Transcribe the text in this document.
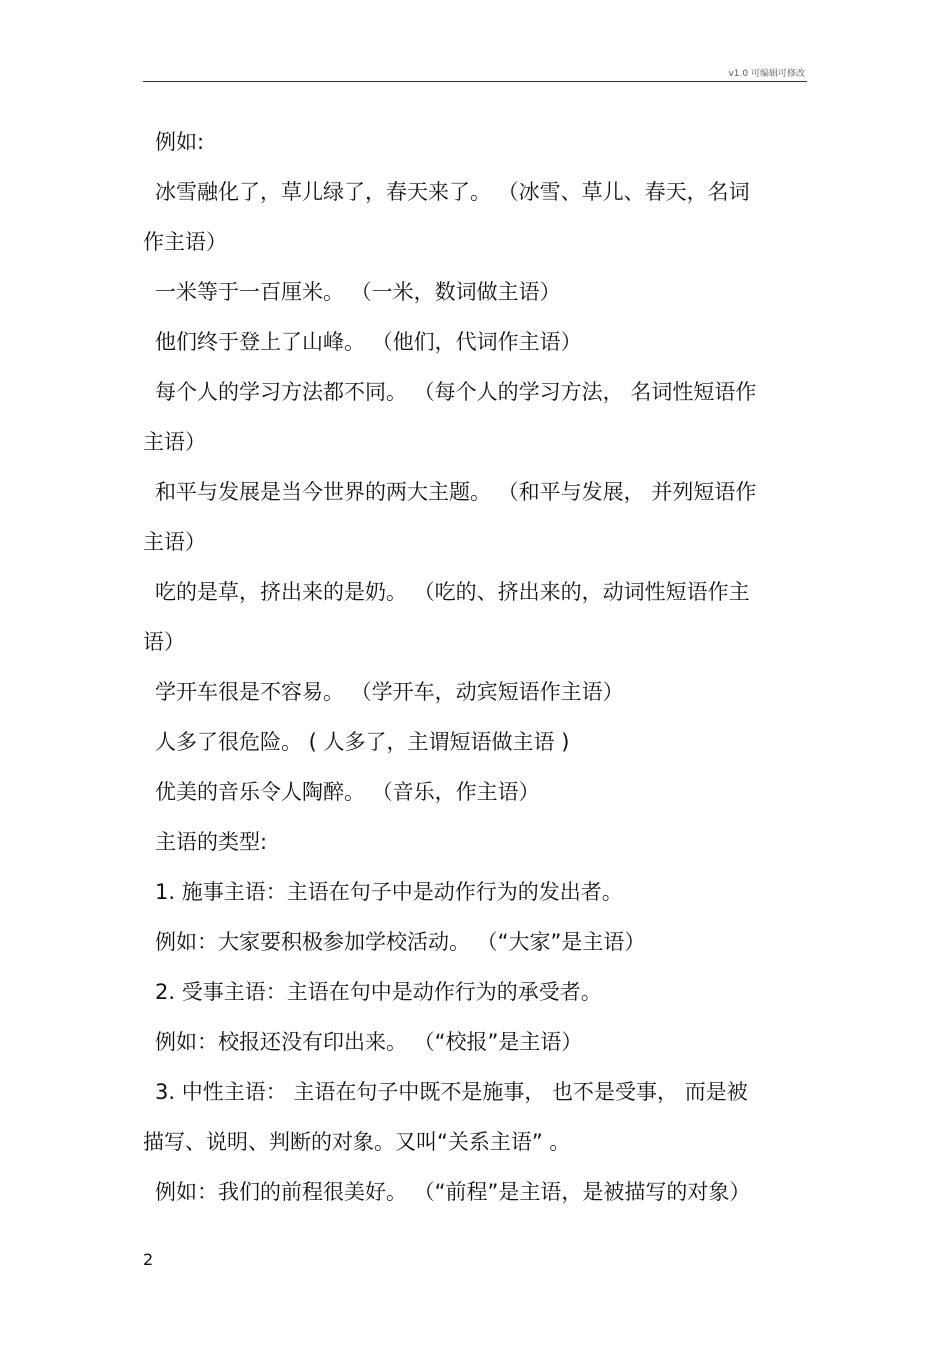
v1.0 可编辑可修改
例如:
冰雪融化了，草儿绿了，春天来了。 （冰雪、草儿、春天，名词
作主语）
一米等于一百厘米。 （一米，数词做主语）
他们终于登上了山峰。 （他们，代词作主语）
每个人的学习方法都不同。 （每个人的学习方法， 名词性短语作
主语）
和平与发展是当今世界的两大主题。 （和平与发展， 并列短语作
主语）
吃的是草，挤出来的是奶。 （吃的、挤出来的，动词性短语作主
语）
学开车很是不容易。 （学开车，动宾短语作主语）
人多了很危险。 ( 人多了，主谓短语做主语 )
优美的音乐令人陶醉。 （音乐，作主语）
主语的类型:
1. 施事主语：主语在句子中是动作行为的发出者。
例如：大家要积极参加学校活动。 （“大家”是主语）
2. 受事主语：主语在句中是动作行为的承受者。
例如：校报还没有印出来。 （“校报”是主语）
3. 中性主语： 主语在句子中既不是施事， 也不是受事， 而是被
描写、说明、判断的对象。又叫“关系主语” 。
例如：我们的前程很美好。 （“前程”是主语，是被描写的对象）
2
